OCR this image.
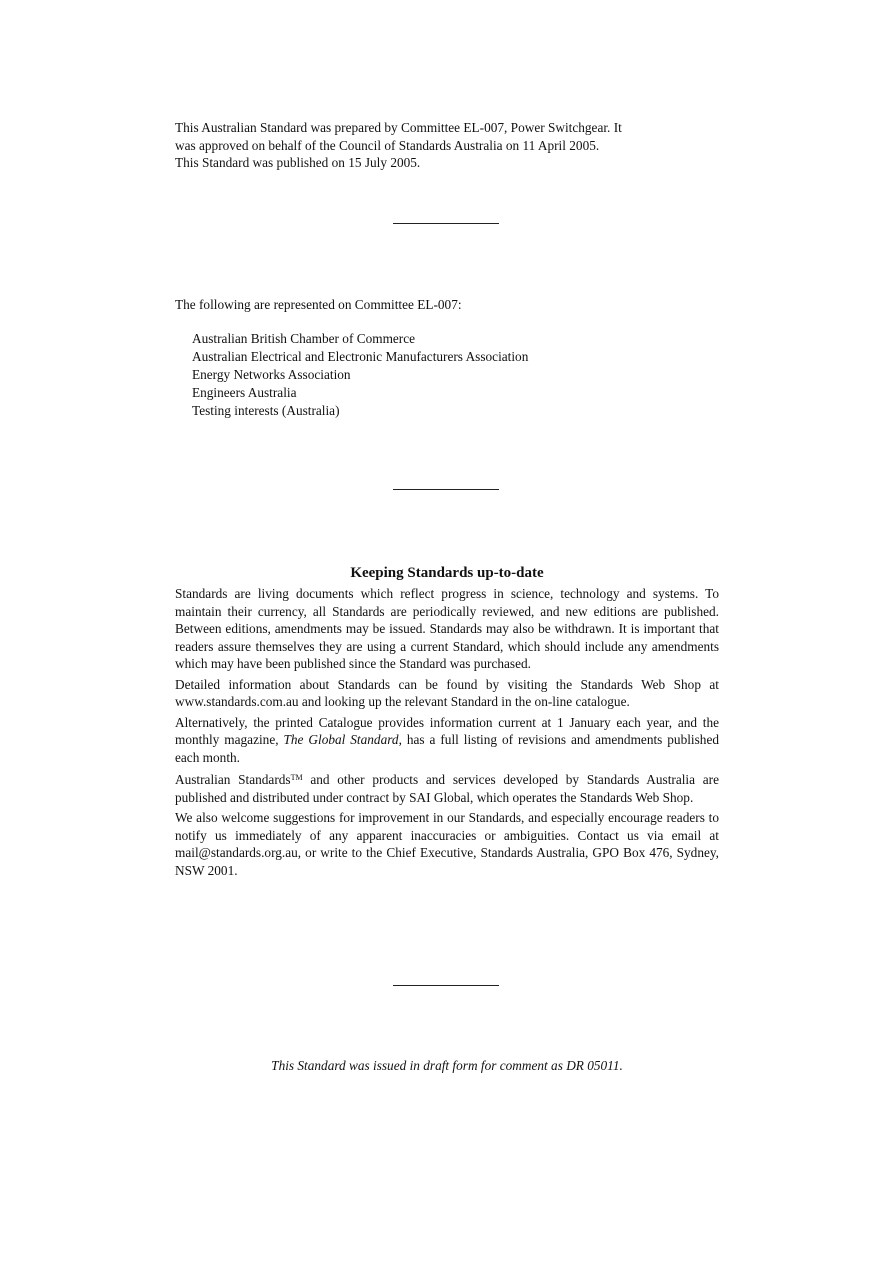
This Australian Standard was prepared by Committee EL-007, Power Switchgear. It
was approved on behalf of the Council of Standards Australia on 11 April 2005.
This Standard was published on 15 July 2005.

The following are represented on Committee EL-007:

Australian British Chamber of Commerce

Australian Electrical and Electronic Manufacturers Association

Energy Networks Association

Engineers Australia

Testing interests (Australia)

Keeping Standards up-to-date

Standards are living documents which reflect progress in science, technology and systems. To maintain their currency, all Standards are periodically reviewed, and new editions are published. Between editions, amendments may be issued. Standards may also be withdrawn. It is important that readers assure themselves they are using a current Standard, which should include any amendments which may have been published since the Standard was purchased.

Detailed information about Standards can be found by visiting the Standards Web Shop at www.standards.com.au and looking up the relevant Standard in the on-line catalogue.

Alternatively, the printed Catalogue provides information current at 1 January each year, and the monthly magazine, The Global Standard, has a full listing of revisions and amendments published each month.

Australian Standards™ and other products and services developed by Standards Australia are published and distributed under contract by SAI Global, which operates the Standards Web Shop.

We also welcome suggestions for improvement in our Standards, and especially encourage readers to notify us immediately of any apparent inaccuracies or ambiguities. Contact us via email at mail@standards.org.au, or write to the Chief Executive, Standards Australia, GPO Box 476, Sydney, NSW 2001.

This Standard was issued in draft form for comment as DR 05011.
